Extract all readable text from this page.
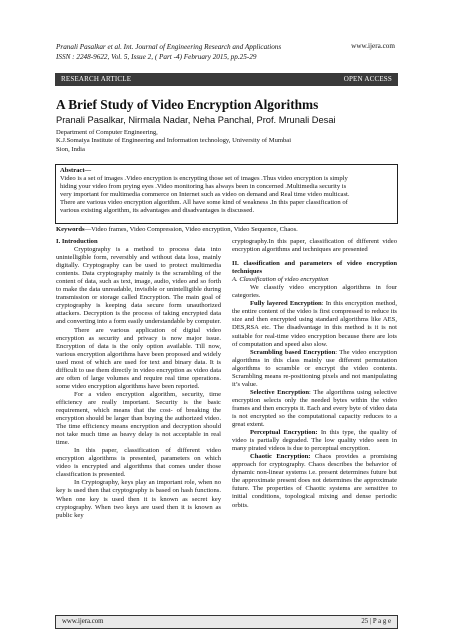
Pranali Pasalkar et al. Int. Journal of Engineering Research and Applications
ISSN : 2248-9622, Vol. 5, Issue 2, ( Part -4) February 2015, pp.25-29
www.ijera.com
RESEARCH ARTICLE	OPEN ACCESS
A Brief Study of Video Encryption Algorithms
Pranali Pasalkar, Nirmala Nadar, Neha Panchal, Prof. Mrunali Desai
Department of Computer Engineering,
K.J.Somaiya Institute of Engineering and Information technology, University of Mumbai
Sion, India
Abstract—
Video is a set of images .Video encryption is encrypting those set of images .Thus video encryption is simply
hiding your video from prying eyes .Video monitoring has always been in concerned .Multimedia security is
very important for multimedia commerce on Internet such as video on demand and Real time video multicast.
There are various video encryption algorithm. All have some kind of weakness .In this paper classification of
various existing algorithm, its advantages and disadvantages is discussed.
Keywords—Video frames, Video Compression, Video encryption, Video Sequence, Chaos.

I. Introduction

Cryptography is a method to process data into unintelligible form, reversibly and without data loss, mainly digitally. Cryptography can be used to protect multimedia contents. Data cryptography mainly is the scrambling of the content of data, such as text, image, audio, video and so forth to make the data unreadable, invisible or unintelligible during transmission or storage called Encryption. The main goal of cryptography is keeping data secure form unauthorized attackers. Decryption is the process of taking encrypted data and converting into a form easily understandable by computer.

There are various application of digital video encryption as security and privacy is now major issue. Encryption of data is the only option available. Till now, various encryption algorithms have been proposed and widely used most of which are used for text and binary data. It is difficult to use them directly in video encryption as video data are often of large volumes and require real time operations. some video encryption algorithms have been reported.

For a video encryption algorithm, security, time efficiency are really important. Security is the basic requirement, which means that the cost- of breaking the encryption should be larger than buying the authorized video. The time efficiency means encryption and decryption should not take much time as heavy delay is not acceptable in real time.

In this paper, classification of different video encryption algorithms is presented, parameters on which video is encrypted and algorithms that comes under those classification is presented.

In Cryptography, keys play an important role, when no key is used then that cryptography is based on hash functions. When one key is used then it is known as secret key cryptography. When two keys are used then it is known as public key

cryptography.In this paper, classification of different video encryption algorithms and techniques are presented

II. classification and parameters of video encryption techniques

A. Classification of video encryption

We classify video encryption algorithms in four categories.

Fully layered Encryption: In this encryption method, the entire content of the video is first compressed to reduce its size and then encrypted using standard algorithms like AES, DES,RSA etc. The disadvantage in this method is it is not suitable for real-time video encryption because there are lots of computation and speed also slow.

Scrambling based Encryption: The video encryption algorithms in this class mainly use different permutation algorithms to scramble or encrypt the video contents. Scrambling means re-positioning pixels and not manipulating it’s value.

Selective Encryption: The algorithms using selective encryption selects only the needed bytes within the video frames and then encrypts it. Each and every byte of video data is not encrypted so the computational capacity reduces to a great extent.

Perceptual Encryption: In this type, the quality of video is partially degraded. The low quality video seen in many pirated videos is due to perceptual encryption.

Chaotic Encryption: Chaos provides a promising approach for cryptography. Chaos describes the behavior of dynamic non-linear systems i.e. present determines future but the approximate present does not determines the approximate future. The properties of Chaotic systems are sensitive to initial conditions, topological mixing and dense periodic orbits.

www.ijera.com	25 | P a g e
